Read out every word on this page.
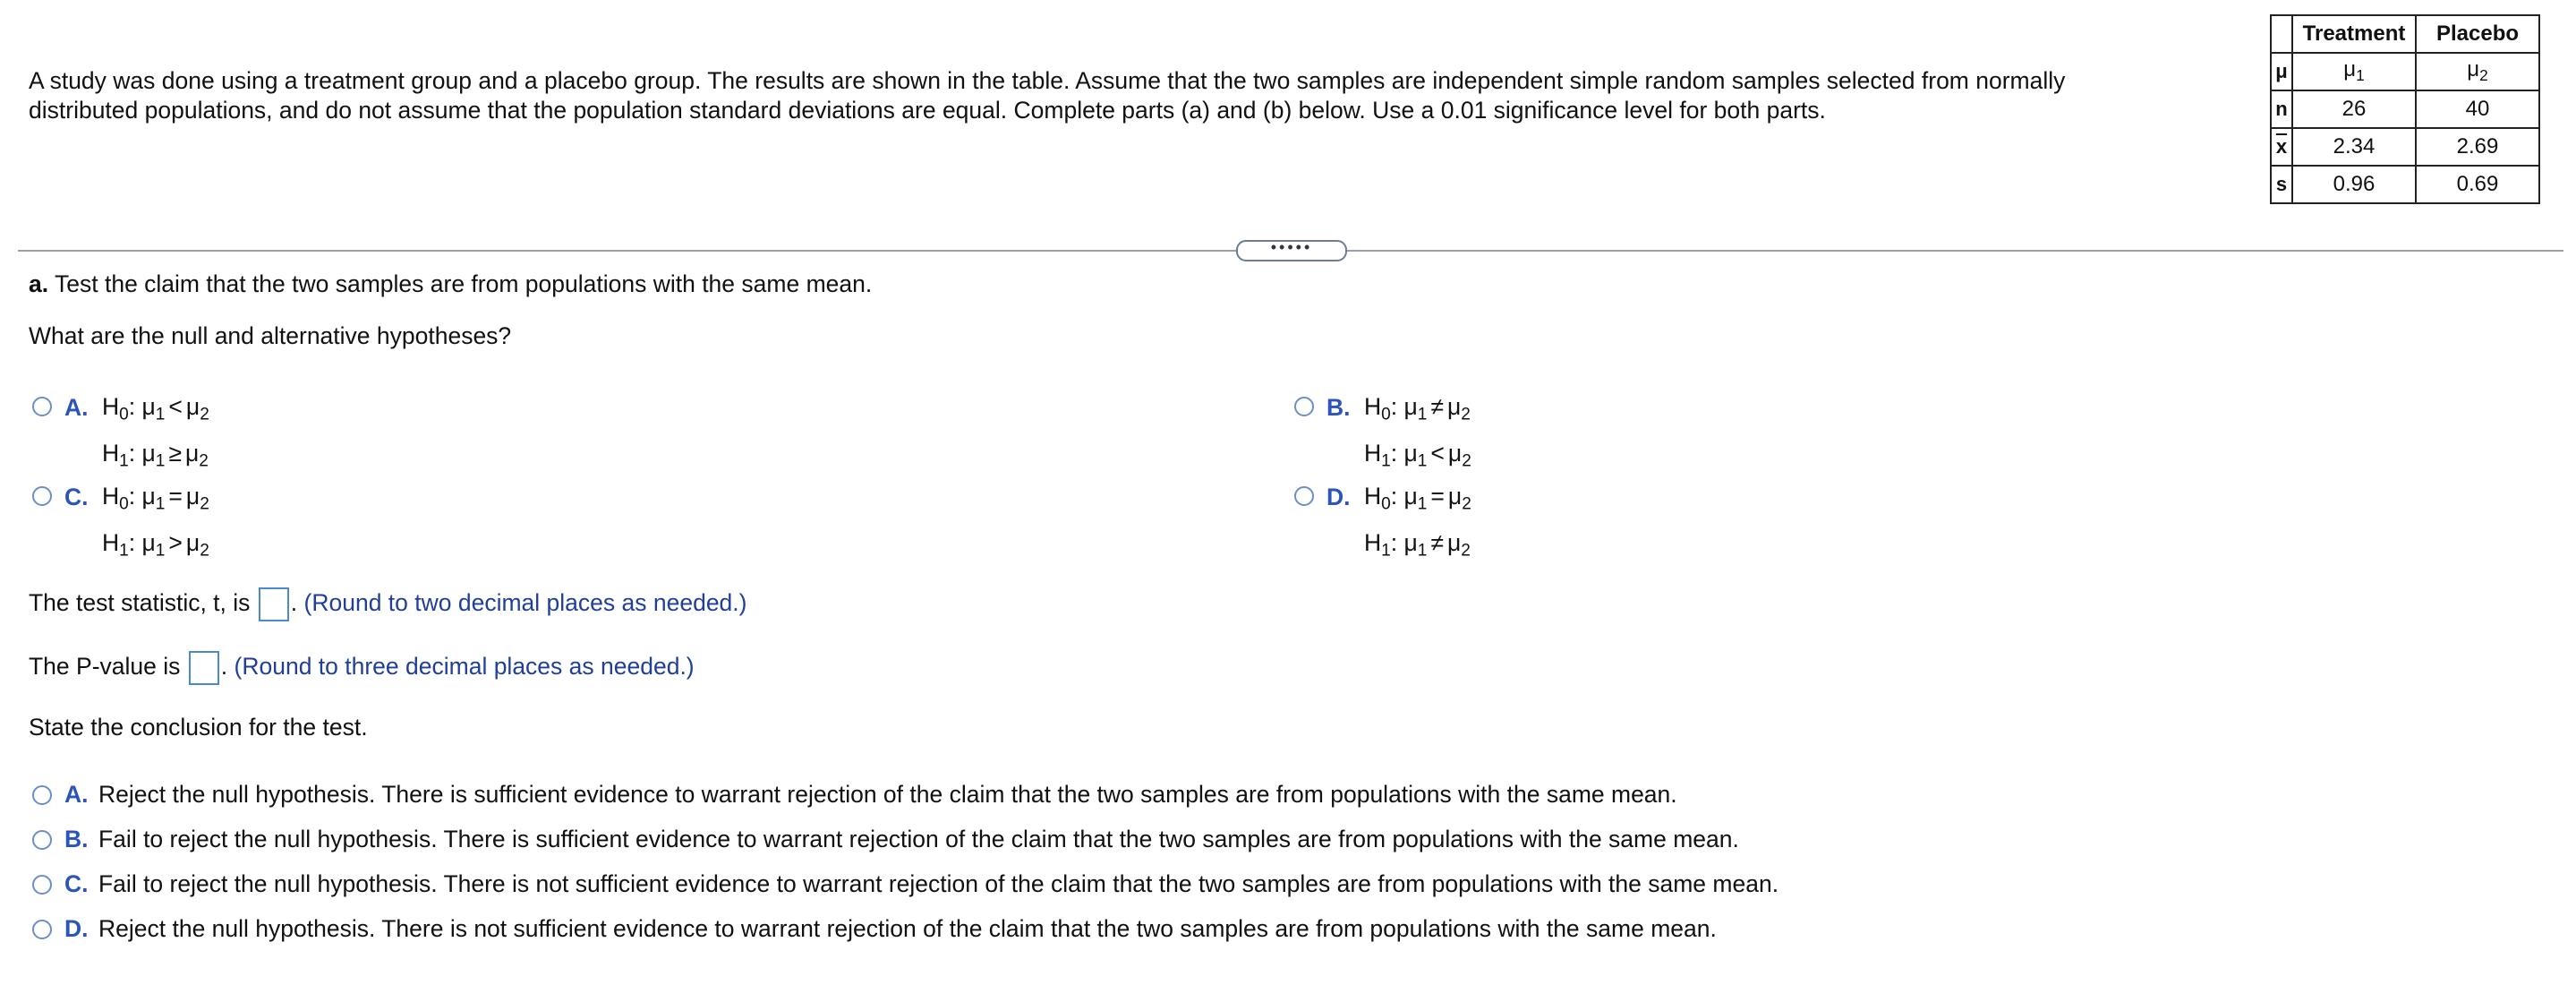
A study was done using a treatment group and a placebo group. The results are shown in the table. Assume that the two samples are independent simple random samples selected from normally distributed populations, and do not assume that the population standard deviations are equal. Complete parts (a) and (b) below. Use a 0.01 significance level for both parts.
	Treatment	Placebo
μ	$\mu_1$	$\mu_2$
n	26	40
$\overline{x}$	2.34	2.69
s	0.96	0.69
•••••
a. Test the claim that the two samples are from populations with the same mean.
What are the null and alternative hypotheses?
A. $H_0$: $\mu_1 < \mu_2$
$H_1$: $\mu_1 \ge \mu_2$
B. $H_0$: $\mu_1 \ne \mu_2$
$H_1$: $\mu_1 < \mu_2$
C. $H_0$: $\mu_1 = \mu_2$
$H_1$: $\mu_1 > \mu_2$
D. $H_0$: $\mu_1 = \mu_2$
$H_1$: $\mu_1 \ne \mu_2$
The test statistic, t, is . (Round to two decimal places as needed.)
The P-value is . (Round to three decimal places as needed.)
State the conclusion for the test.
A. Reject the null hypothesis. There is sufficient evidence to warrant rejection of the claim that the two samples are from populations with the same mean.
B. Fail to reject the null hypothesis. There is sufficient evidence to warrant rejection of the claim that the two samples are from populations with the same mean.
C. Fail to reject the null hypothesis. There is not sufficient evidence to warrant rejection of the claim that the two samples are from populations with the same mean.
D. Reject the null hypothesis. There is not sufficient evidence to warrant rejection of the claim that the two samples are from populations with the same mean.
